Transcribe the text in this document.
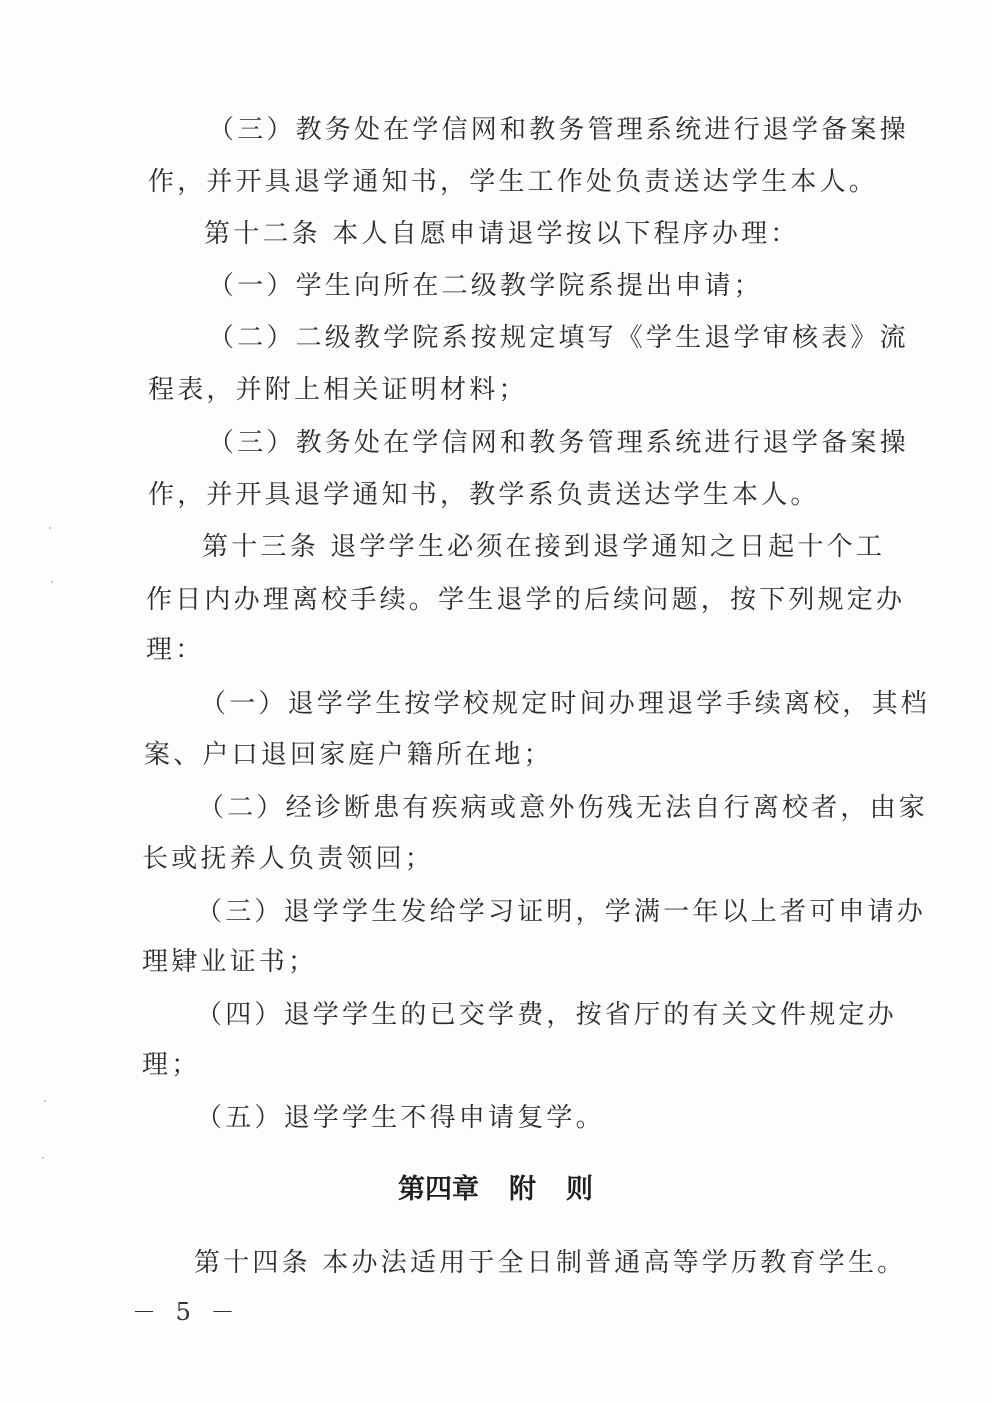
（三）教务处在学信网和教务管理系统进行退学备案操
作，并开具退学通知书，学生工作处负责送达学生本人。
第十二条 本人自愿申请退学按以下程序办理：
（一）学生向所在二级教学院系提出申请；
（二）二级教学院系按规定填写《学生退学审核表》流
程表，并附上相关证明材料；
（三）教务处在学信网和教务管理系统进行退学备案操
作，并开具退学通知书，教学系负责送达学生本人。
第十三条 退学学生必须在接到退学通知之日起十个工
作日内办理离校手续。学生退学的后续问题，按下列规定办
理：
（一）退学学生按学校规定时间办理退学手续离校，其档
案、户口退回家庭户籍所在地；
（二）经诊断患有疾病或意外伤残无法自行离校者，由家
长或抚养人负责领回；
（三）退学学生发给学习证明，学满一年以上者可申请办
理肄业证书；
（四）退学学生的已交学费，按省厅的有关文件规定办
理；
（五）退学学生不得申请复学。
第四章 附 则
第十四条 本办法适用于全日制普通高等学历教育学生。
－ 5 －
